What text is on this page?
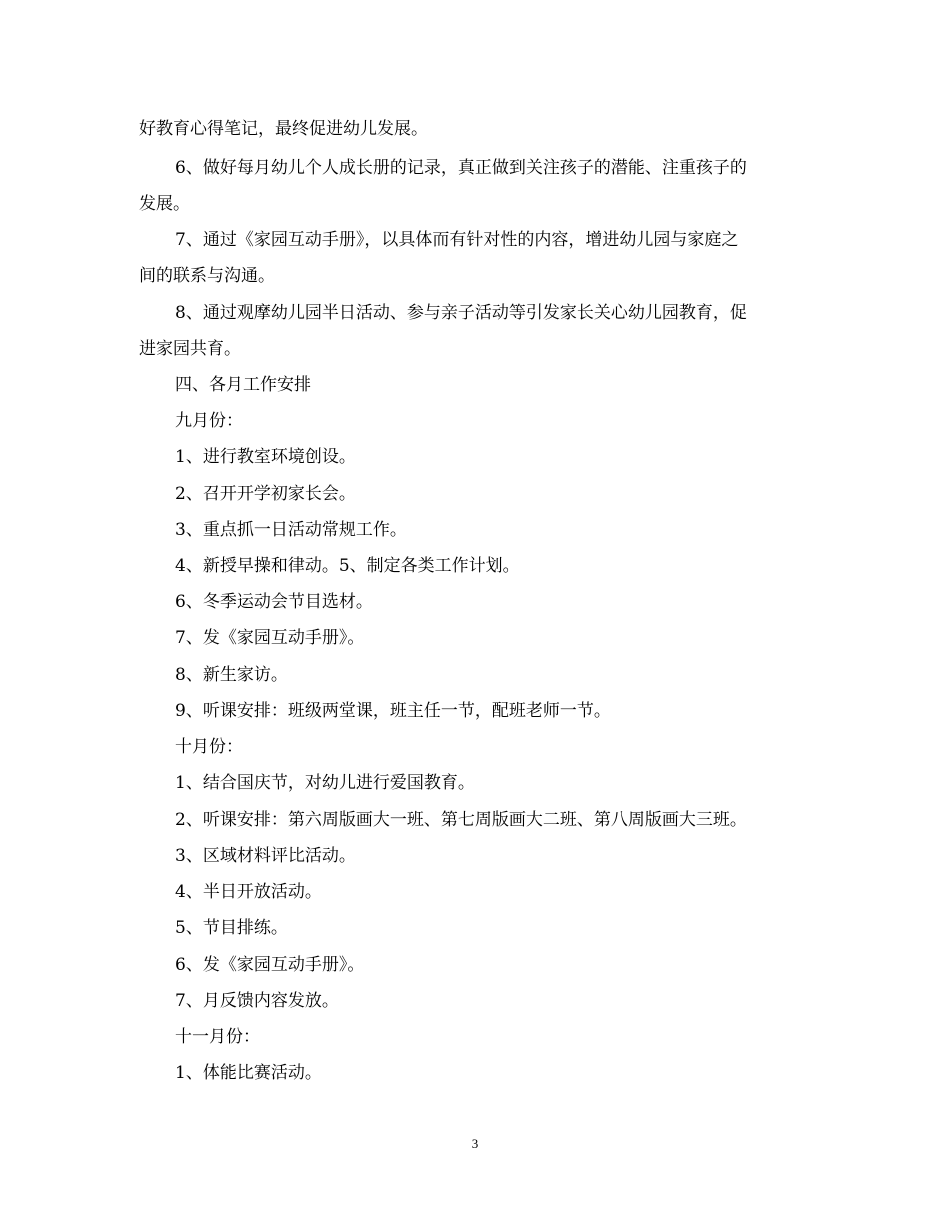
好教育心得笔记，最终促进幼儿发展。
6、做好每月幼儿个人成长册的记录，真正做到关注孩子的潜能、注重孩子的
发展。
7、通过《家园互动手册》，以具体而有针对性的内容，增进幼儿园与家庭之
间的联系与沟通。
8、通过观摩幼儿园半日活动、参与亲子活动等引发家长关心幼儿园教育，促
进家园共育。
四、各月工作安排
九月份：
1、进行教室环境创设。
2、召开开学初家长会。
3、重点抓一日活动常规工作。
4、新授早操和律动。5、制定各类工作计划。
6、冬季运动会节目选材。
7、发《家园互动手册》。
8、新生家访。
9、听课安排：班级两堂课，班主任一节，配班老师一节。
十月份：
1、结合国庆节，对幼儿进行爱国教育。
2、听课安排：第六周版画大一班、第七周版画大二班、第八周版画大三班。
3、区域材料评比活动。
4、半日开放活动。
5、节目排练。
6、发《家园互动手册》。
7、月反馈内容发放。
十一月份：
1、体能比赛活动。
3
